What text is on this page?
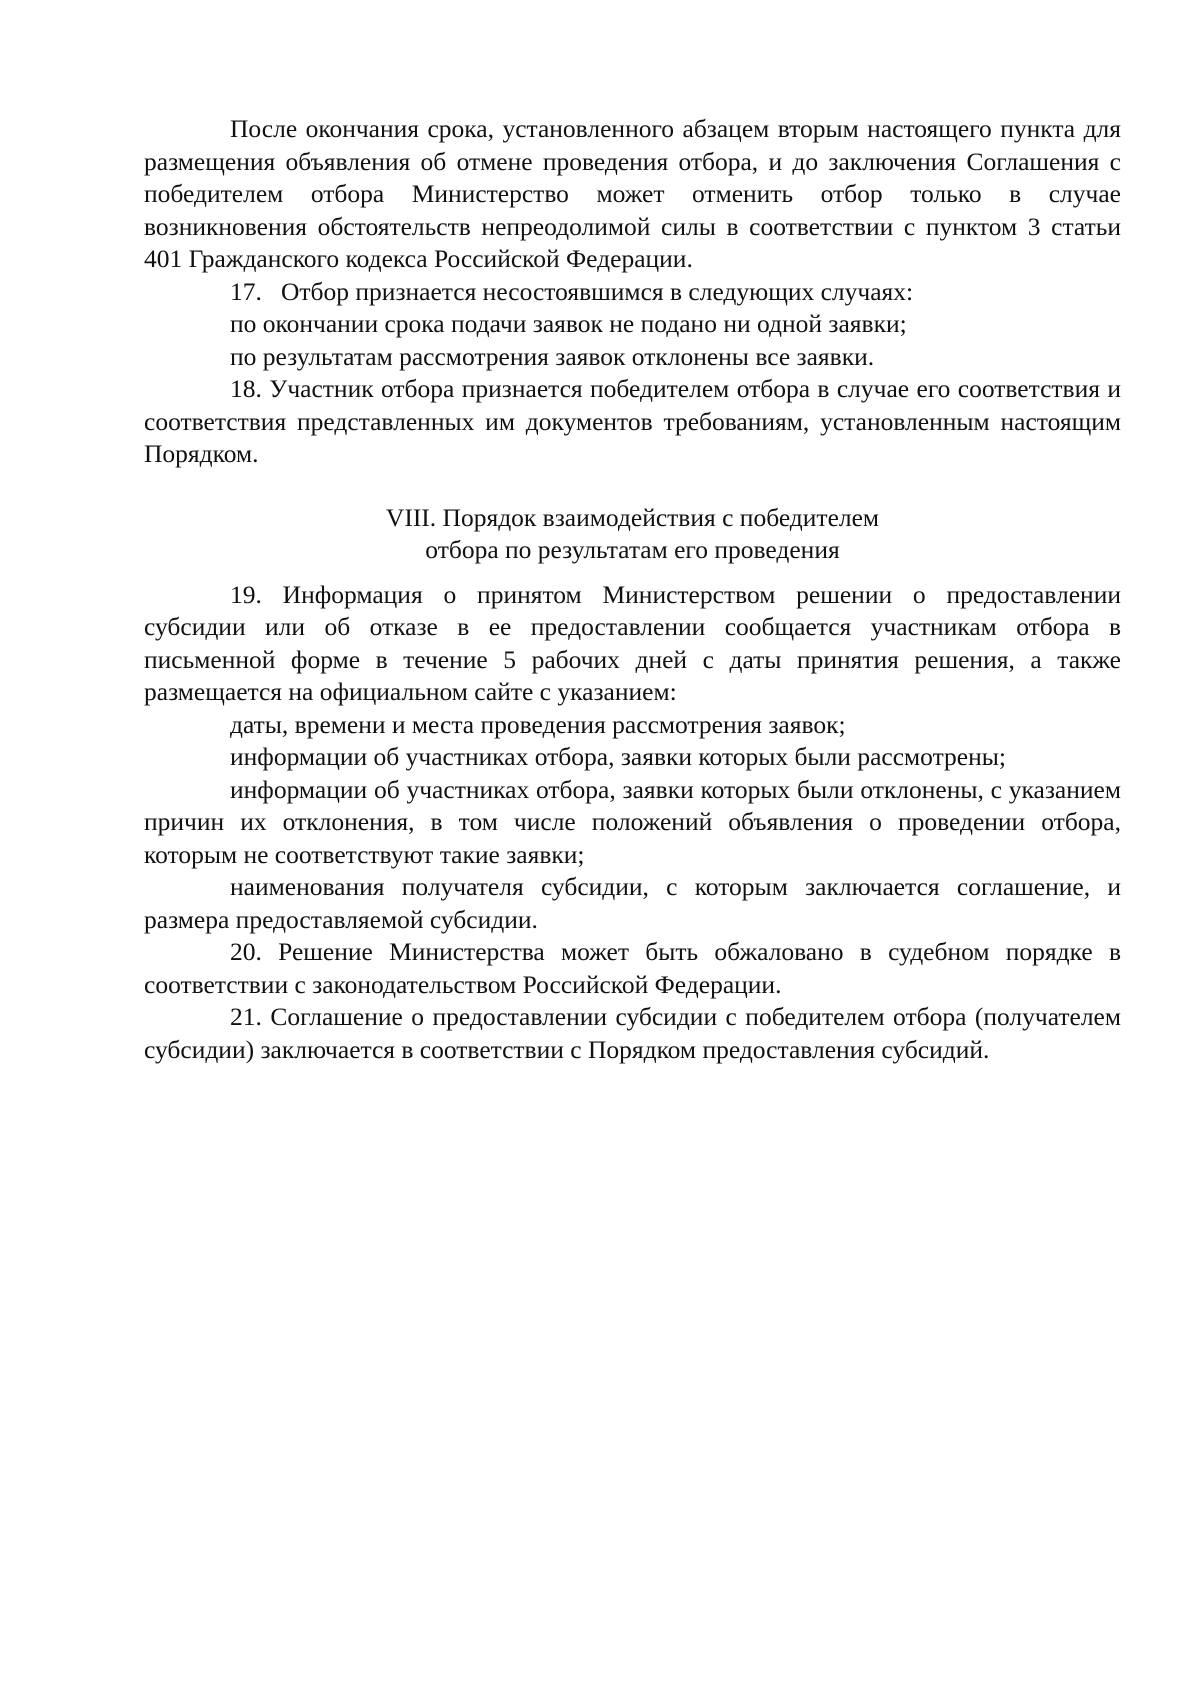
После окончания срока, установленного абзацем вторым настоящего пункта для размещения объявления об отмене проведения отбора, и до заключения Соглашения с победителем отбора Министерство может отменить отбор только в случае возникновения обстоятельств непреодолимой силы в соответствии с пунктом 3 статьи 401 Гражданского кодекса Российской Федерации.

17.   Отбор признается несостоявшимся в следующих случаях:

по окончании срока подачи заявок не подано ни одной заявки;

по результатам рассмотрения заявок отклонены все заявки.

18. Участник отбора признается победителем отбора в случае его соответствия и соответствия представленных им документов требованиям, установленным настоящим Порядком.

VIII. Порядок взаимодействия с победителем
отбора по результатам его проведения

19. Информация о принятом Министерством решении о предоставлении субсидии или об отказе в ее предоставлении сообщается участникам отбора в письменной форме в течение 5 рабочих дней с даты принятия решения, а также размещается на официальном сайте с указанием:

даты, времени и места проведения рассмотрения заявок;

информации об участниках отбора, заявки которых были рассмотрены;

информации об участниках отбора, заявки которых были отклонены, с указанием причин их отклонения, в том числе положений объявления о проведении отбора, которым не соответствуют такие заявки;

наименования получателя субсидии, с которым заключается соглашение, и размера предоставляемой субсидии.

20. Решение Министерства может быть обжаловано в судебном порядке в соответствии с законодательством Российской Федерации.

21. Соглашение о предоставлении субсидии с победителем отбора (получателем субсидии) заключается в соответствии с Порядком предоставления субсидий.
